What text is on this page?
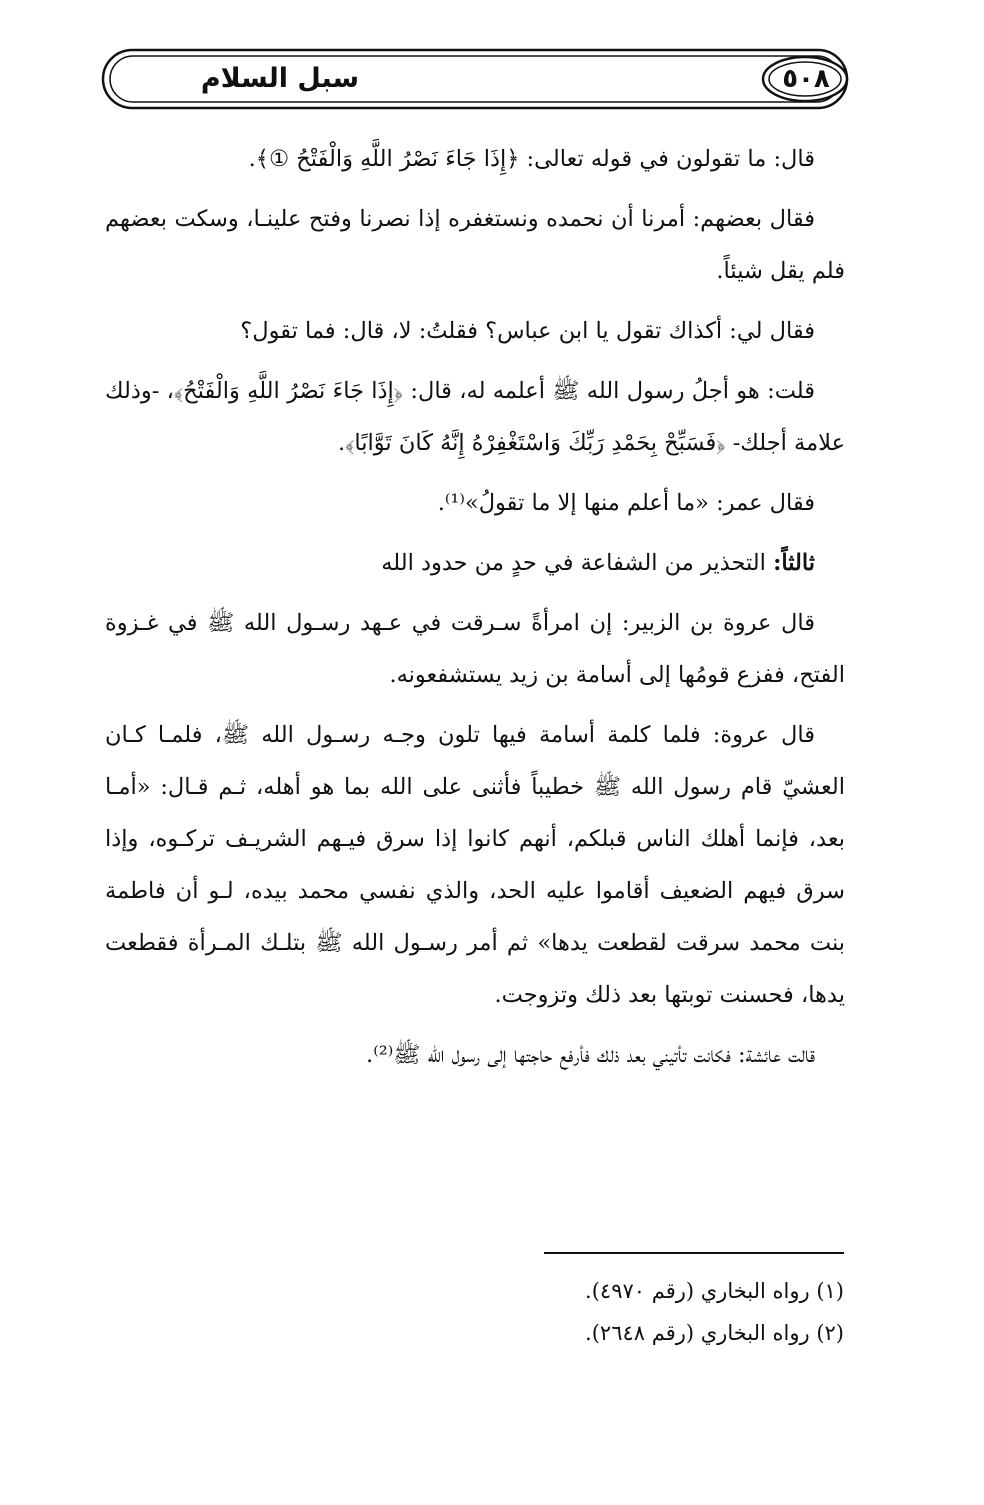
سبل السلام	٥٠٨

قال: ما تقولون في قوله تعالى: ﴿إِذَا جَاءَ نَصْرُ اللَّهِ وَالْفَتْحُ ①﴾.

فقال بعضهم: أمرنا أن نحمده ونستغفره إذا نصرنا وفتح علينـا، وسكت بعضهم فلم يقل شيئاً.

فقال لي: أكذاك تقول يا ابن عباس؟ فقلتُ: لا، قال: فما تقول؟

قلت: هو أجلُ رسول الله ﷺ أعلمه له، قال: ﴿إِذَا جَاءَ نَصْرُ اللَّهِ وَالْفَتْحُ﴾، -وذلك علامة أجلك- ﴿فَسَبِّحْ بِحَمْدِ رَبِّكَ وَاسْتَغْفِرْهُ إِنَّهُ كَانَ تَوَّابًا﴾.

فقال عمر: «ما أعلم منها إلا ما تقولُ»⁽¹⁾.

ثالثاً: التحذير من الشفاعة في حدٍ من حدود الله

قال عروة بن الزبير: إن امرأةً سـرقت في عـهد رسـول الله ﷺ في غـزوة الفتح، ففزع قومُها إلى أسامة بن زيد يستشفعونه.

قال عروة: فلما كلمة أسامة فيها تلون وجـه رسـول الله ﷺ، فلمـا كـان العشيّ قام رسول الله ﷺ خطيباً فأثنى على الله بما هو أهله، ثـم قـال: «أمـا بعد، فإنما أهلك الناس قبلكم، أنهم كانوا إذا سرق فيـهم الشريـف تركـوه، وإذا سرق فيهم الضعيف أقاموا عليه الحد، والذي نفسي محمد بيده، لـو أن فاطمة بنت محمد سرقت لقطعت يدها» ثم أمر رسـول الله ﷺ بتلـك المـرأة فقطعت يدها، فحسنت توبتها بعد ذلك وتزوجت.

قالت عائشة: فكانت تأتيني بعد ذلك فأرفع حاجتها إلى رسول الله ﷺ⁽²⁾.

(١) رواه البخاري (رقم ٤٩٧٠).

(٢) رواه البخاري (رقم ٢٦٤٨).
